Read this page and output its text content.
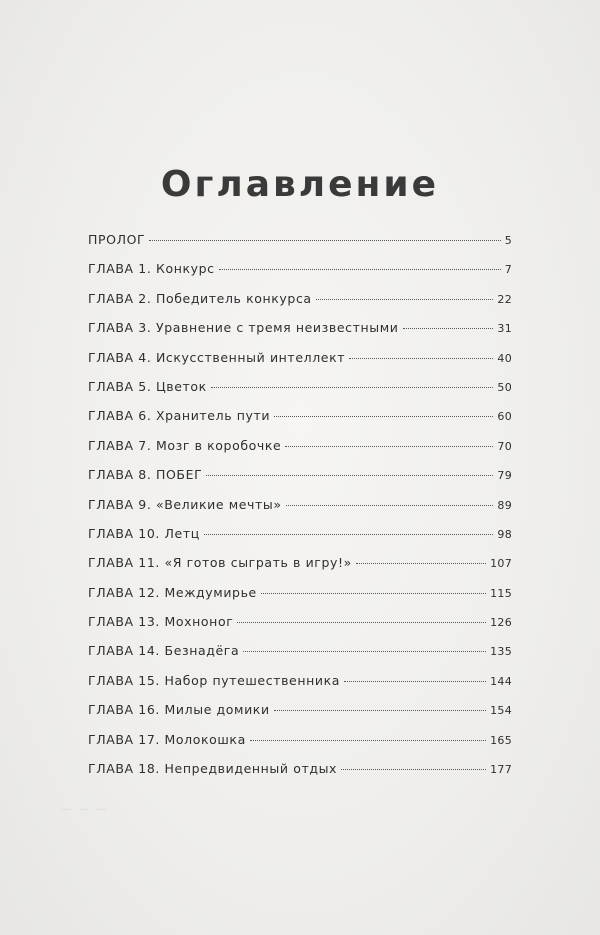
~ ~ ~
Оглавление
ПРОЛОГ	5
ГЛАВА 1. Конкурс	7
ГЛАВА 2. Победитель конкурса	22
ГЛАВА 3. Уравнение с тремя неизвестными	31
ГЛАВА 4. Искусственный интеллект	40
ГЛАВА 5. Цветок	50
ГЛАВА 6. Хранитель пути	60
ГЛАВА 7. Мозг в коробочке	70
ГЛАВА 8. ПОБЕГ	79
ГЛАВА 9. «Великие мечты»	89
ГЛАВА 10. Летц	98
ГЛАВА 11. «Я готов сыграть в игру!»	107
ГЛАВА 12. Междумирье	115
ГЛАВА 13. Мохноног	126
ГЛАВА 14. Безнадёга	135
ГЛАВА 15. Набор путешественника	144
ГЛАВА 16. Милые домики	154
ГЛАВА 17. Молокошка	165
ГЛАВА 18. Непредвиденный отдых	177
